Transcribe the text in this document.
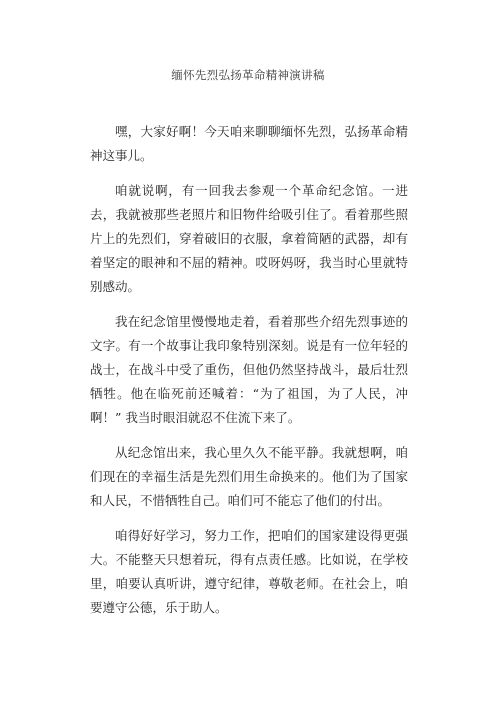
缅怀先烈弘扬革命精神演讲稿

嘿，大家好啊！今天咱来聊聊缅怀先烈，弘扬革命精神这事儿。

咱就说啊，有一回我去参观一个革命纪念馆。一进去，我就被那些老照片和旧物件给吸引住了。看着那些照片上的先烈们，穿着破旧的衣服，拿着简陋的武器，却有着坚定的眼神和不屈的精神。哎呀妈呀，我当时心里就特别感动。

我在纪念馆里慢慢地走着，看着那些介绍先烈事迹的文字。有一个故事让我印象特别深刻。说是有一位年轻的战士，在战斗中受了重伤，但他仍然坚持战斗，最后壮烈牺牲。他在临死前还喊着：“为了祖国，为了人民，冲啊！” 我当时眼泪就忍不住流下来了。

从纪念馆出来，我心里久久不能平静。我就想啊，咱们现在的幸福生活是先烈们用生命换来的。他们为了国家和人民，不惜牺牲自己。咱们可不能忘了他们的付出。

咱得好好学习，努力工作，把咱们的国家建设得更强大。不能整天只想着玩，得有点责任感。比如说，在学校里，咱要认真听讲，遵守纪律，尊敬老师。在社会上，咱要遵守公德，乐于助人。
